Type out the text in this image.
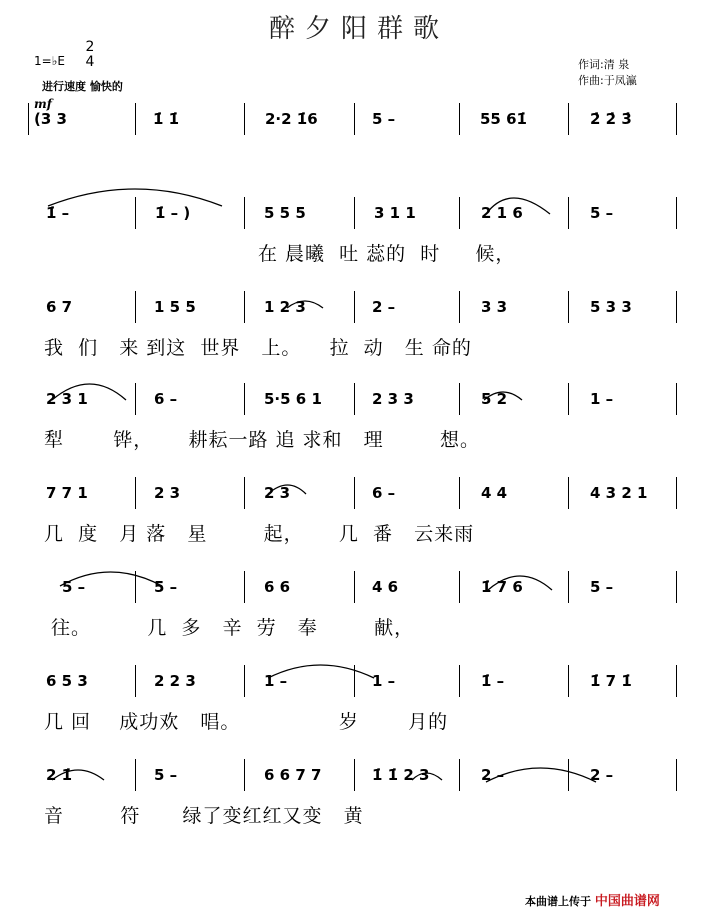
醉夕阳群歌
1=♭E
2
4
进行速度 愉快的
mf
作词:清 泉
作曲:于凤瀛
(3 3	1̇ 1̇	2·2 1̇6	5 –	55 61̇	2̇ 2̇ 3̇
1̇ –	1̇ – )	5 5 5	3 1 1	2 1 6	5 –
在 晨曦  吐 蕊的  时     候，
6 7	1 5 5	1 2 3	2 –	3 3	5 3 3
我  们   来 到这  世界   上。    拉  动   生 命的
2 3 1	6 –	5·5 6 1	2 3 3	5 2	1 –
犁       铧，     耕耘一路 追 求和   理        想。
7 7 1	2 3	2 3	6 –	4 4	4 3 2 1
几  度   月 落   星        起，     几  番   云来雨
5 –	5 –	6 6	4 6	1̇ 7 6	5 –
往。        几  多   辛  劳   奉        献，
6 5 3	2 2 3	1 –	1 –	1̇ –	1̇ 7 1̇
几 回    成功欢   唱。              岁       月的
2 1̇	5 –	6 6 7 7	1̇ 1̇ 2 3	2 –	2 –
音        符      绿了变红红又变   黄
本曲谱上传于 中国曲谱网
